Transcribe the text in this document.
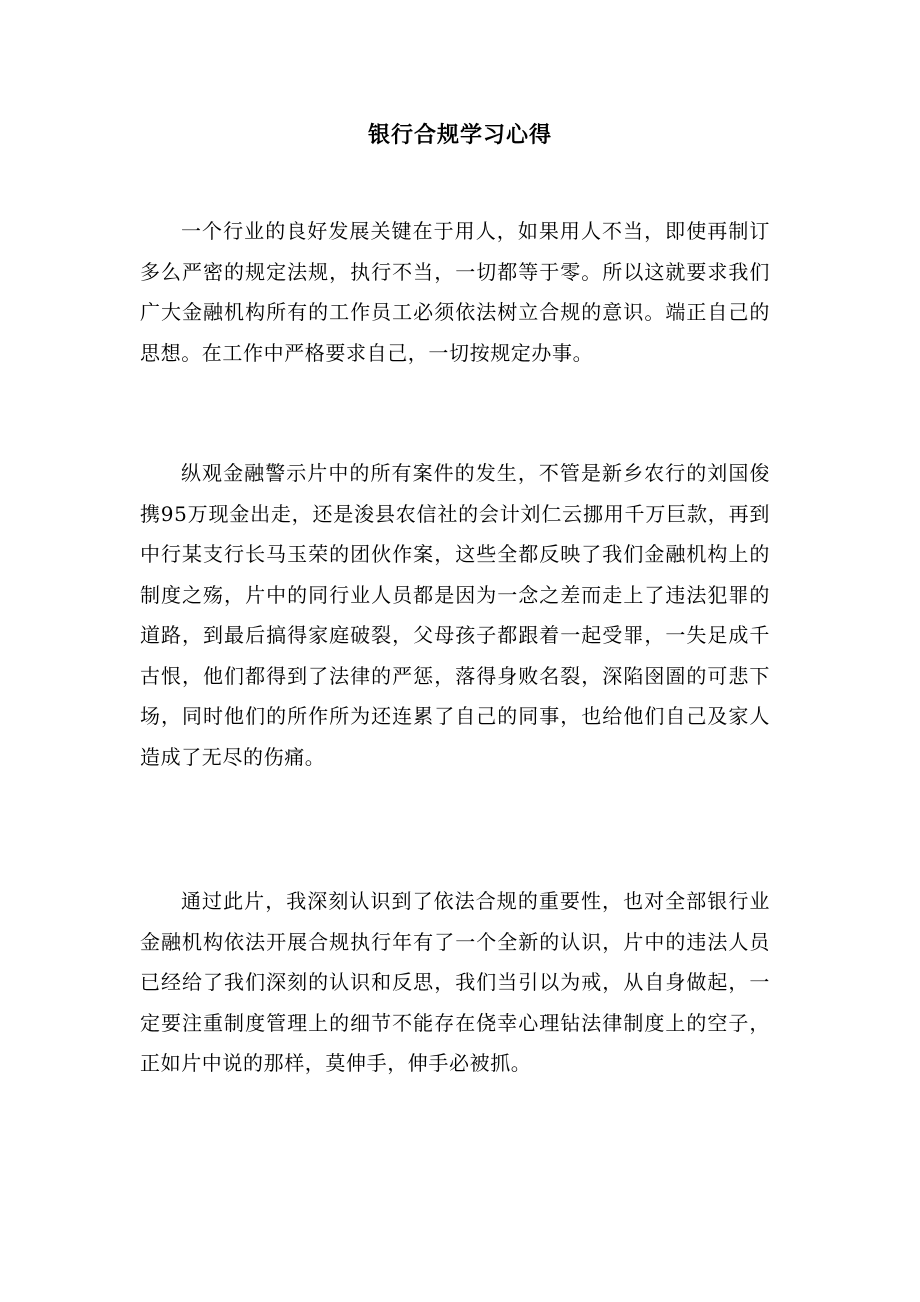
银行合规学习心得

一个行业的良好发展关键在于用人，如果用人不当，即使再制订多么严密的规定法规，执行不当，一切都等于零。所以这就要求我们广大金融机构所有的工作员工必须依法树立合规的意识。端正自己的思想。在工作中严格要求自己，一切按规定办事。

纵观金融警示片中的所有案件的发生，不管是新乡农行的刘国俊携95万现金出走，还是浚县农信社的会计刘仁云挪用千万巨款，再到中行某支行长马玉荣的团伙作案，这些全都反映了我们金融机构上的制度之殇，片中的同行业人员都是因为一念之差而走上了违法犯罪的道路，到最后搞得家庭破裂，父母孩子都跟着一起受罪，一失足成千古恨，他们都得到了法律的严惩，落得身败名裂，深陷囹圄的可悲下场，同时他们的所作所为还连累了自己的同事，也给他们自己及家人造成了无尽的伤痛。

通过此片，我深刻认识到了依法合规的重要性，也对全部银行业金融机构依法开展合规执行年有了一个全新的认识，片中的违法人员已经给了我们深刻的认识和反思，我们当引以为戒，从自身做起，一定要注重制度管理上的细节不能存在侥幸心理钻法律制度上的空子，正如片中说的那样，莫伸手，伸手必被抓。
